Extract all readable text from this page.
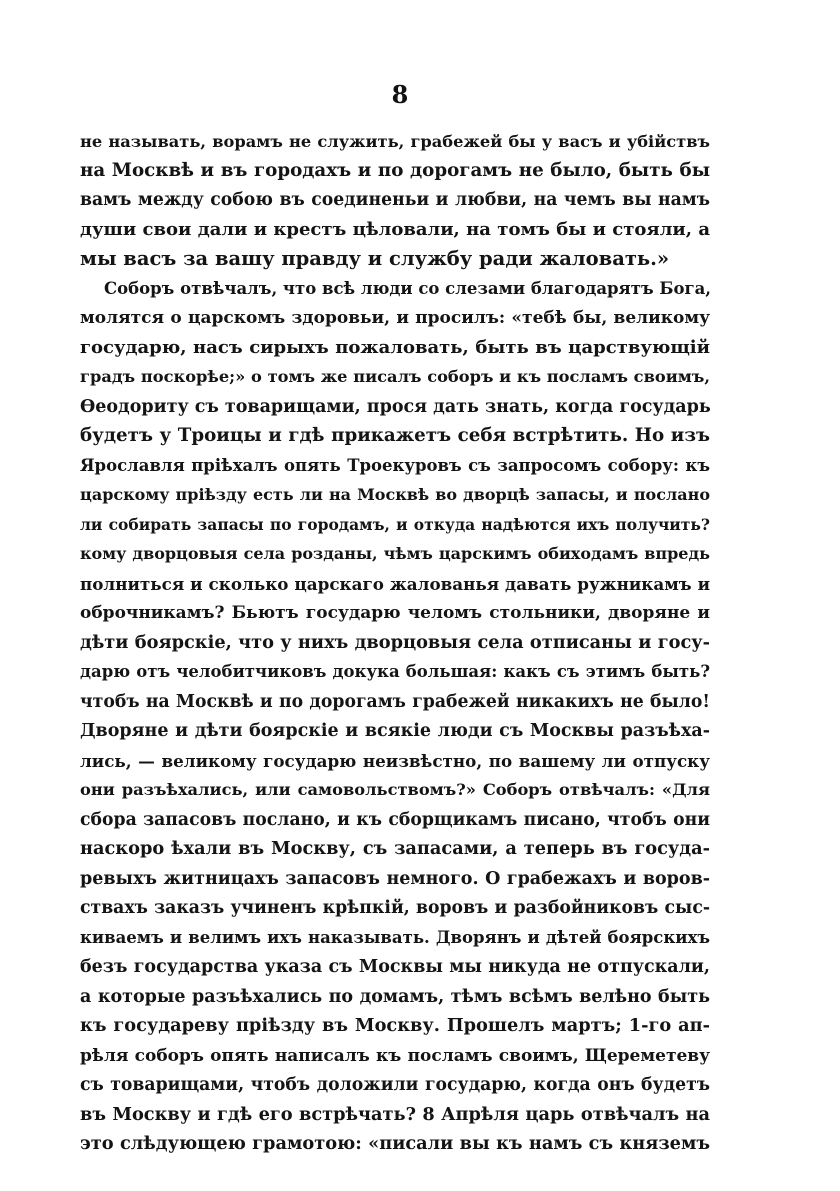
8
не называть, ворамъ не служить, грабежей бы у васъ и убійствъ
на Москвѣ и въ городахъ и по дорогамъ не было, быть бы
вамъ между собою въ соединеньи и любви, на чемъ вы намъ
души свои дали и крестъ цѣловали, на томъ бы и стояли, а
мы васъ за вашу правду и службу ради жаловать.»
Соборъ отвѣчалъ, что всѣ люди со слезами благодарятъ Бога,
молятся о царскомъ здоровьи, и просилъ: «тебѣ бы, великому
государю, насъ сирыхъ пожаловать, быть въ царствующій
градъ поскорѣе;» о томъ же писалъ соборъ и къ посламъ своимъ,
Ѳеодориту съ товарищами, прося дать знать, когда государь
будетъ у Троицы и гдѣ прикажетъ себя встрѣтить. Но изъ
Ярославля пріѣхалъ опять Троекуровъ съ запросомъ собору: къ
царскому пріѣзду есть ли на Москвѣ во дворцѣ запасы, и послано
ли собирать запасы по городамъ, и откуда надѣются ихъ получить?
кому дворцовыя села розданы, чѣмъ царскимъ обиходамъ впредь
полниться и сколько царскаго жалованья давать ружникамъ и
оброчникамъ? Бьютъ государю челомъ стольники, дворяне и
дѣти боярскіе, что у нихъ дворцовыя села отписаны и госу-
дарю отъ челобитчиковъ докука большая: какъ съ этимъ быть?
чтобъ на Москвѣ и по дорогамъ грабежей никакихъ не было!
Дворяне и дѣти боярскіе и всякіе люди съ Москвы разъѣха-
лись, — великому государю неизвѣстно, по вашему ли отпуску
они разъѣхались, или самовольствомъ?» Соборъ отвѣчалъ: «Для
сбора запасовъ послано, и къ сборщикамъ писано, чтобъ они
наскоро ѣхали въ Москву, съ запасами, а теперь въ госуда-
ревыхъ житницахъ запасовъ немного. О грабежахъ и воров-
ствахъ заказъ учиненъ крѣпкій, воровъ и разбойниковъ сыс-
киваемъ и велимъ ихъ наказывать. Дворянъ и дѣтей боярскихъ
безъ государства указа съ Москвы мы никуда не отпускали,
а которые разъѣхались по домамъ, тѣмъ всѣмъ велѣно быть
къ государеву пріѣзду въ Москву. Прошелъ мартъ; 1-го ап-
рѣля соборъ опять написалъ къ посламъ своимъ, Щереметеву
съ товарищами, чтобъ доложили государю, когда онъ будетъ
въ Москву и гдѣ его встрѣчать? 8 Апрѣля царь отвѣчалъ на
это слѣдующею грамотою: «писали вы къ намъ съ княземъ
